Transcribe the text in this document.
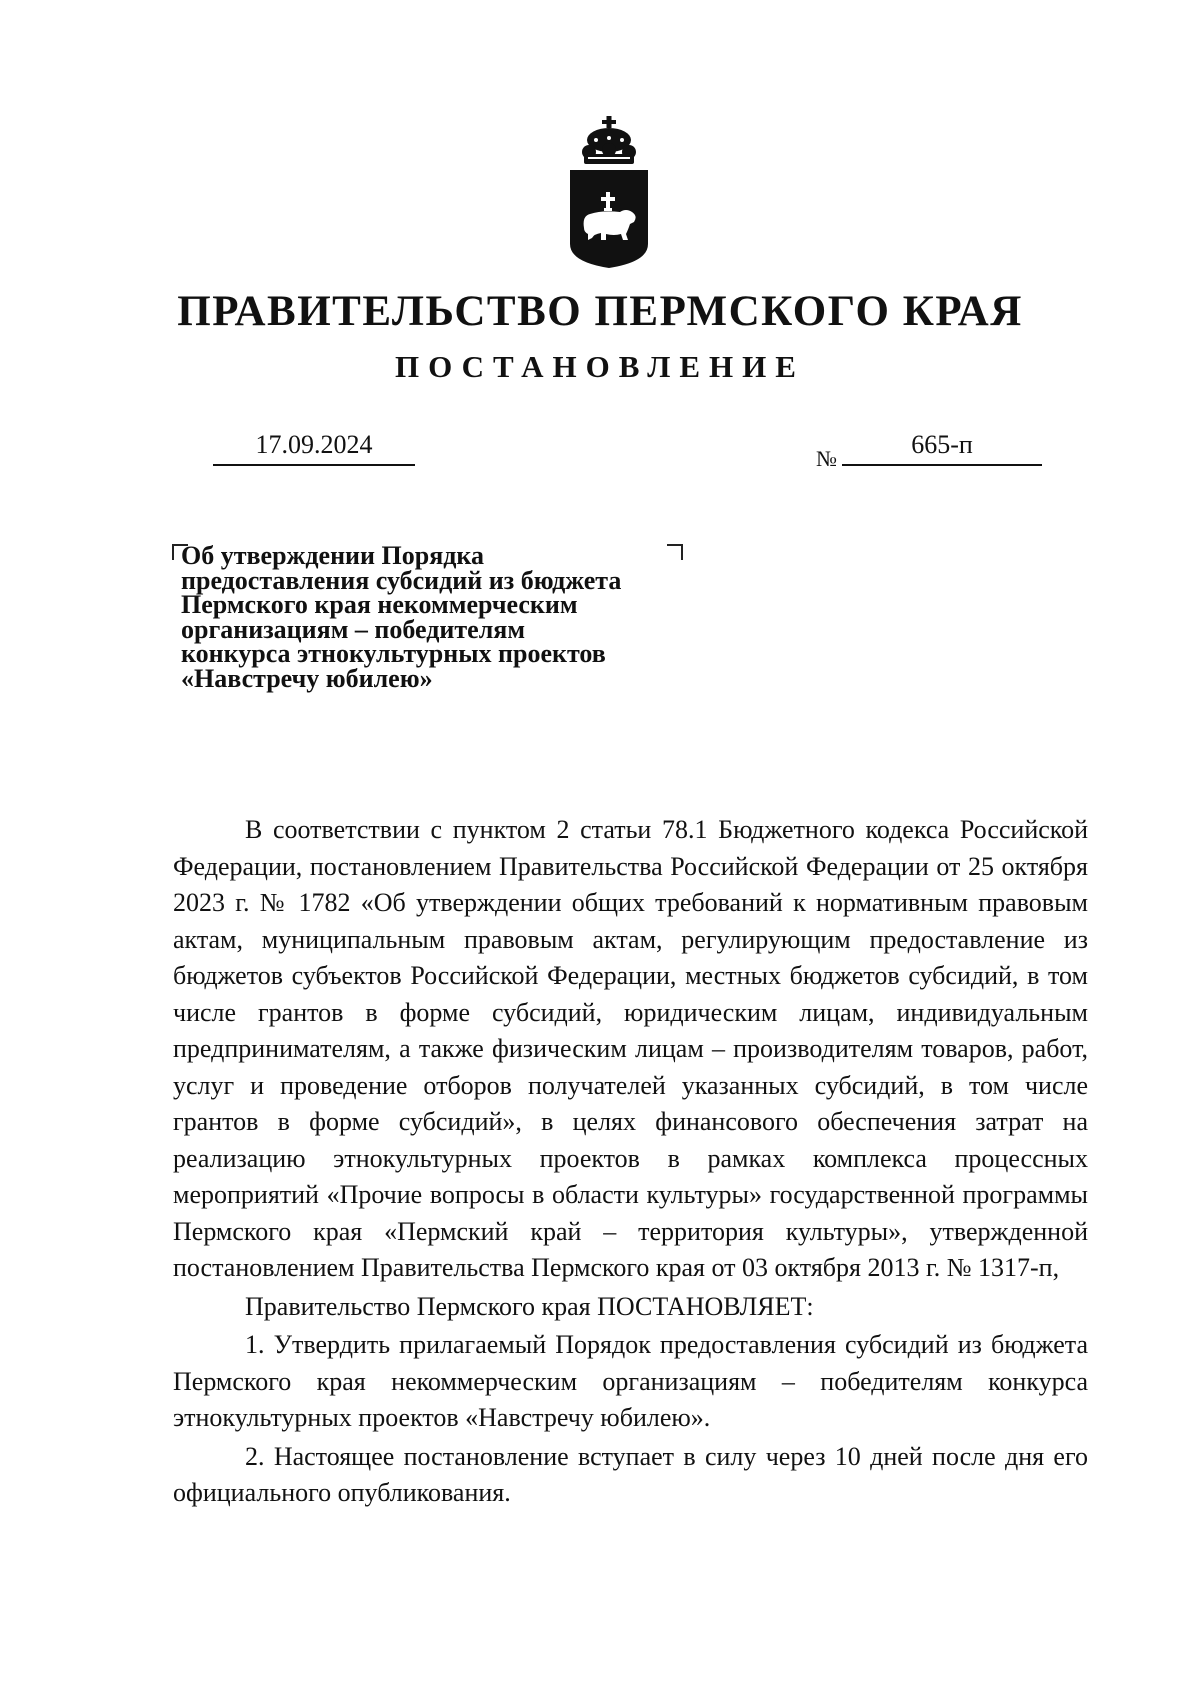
ПРАВИТЕЛЬСТВО ПЕРМСКОГО КРАЯ
ПОСТАНОВЛЕНИЕ
17.09.2024	№	665-п
Об утверждении Порядка
предоставления субсидий из бюджета
Пермского края некоммерческим
организациям – победителям
конкурса этнокультурных проектов
«Навстречу юбилею»

В соответствии с пунктом 2 статьи 78.1 Бюджетного кодекса Российской Федерации, постановлением Правительства Российской Федерации от 25 октября 2023 г. № 1782 «Об утверждении общих требований к нормативным правовым актам, муниципальным правовым актам, регулирующим предоставление из бюджетов субъектов Российской Федерации, местных бюджетов субсидий, в том числе грантов в форме субсидий, юридическим лицам, индивидуальным предпринимателям, а также физическим лицам – производителям товаров, работ, услуг и проведение отборов получателей указанных субсидий, в том числе грантов в форме субсидий», в целях финансового обеспечения затрат на реализацию этнокультурных проектов в рамках комплекса процессных мероприятий «Прочие вопросы в области культуры» государственной программы Пермского края «Пермский край – территория культуры», утвержденной постановлением Правительства Пермского края от 03 октября 2013 г. № 1317-п,

Правительство Пермского края ПОСТАНОВЛЯЕТ:

1. Утвердить прилагаемый Порядок предоставления субсидий из бюджета Пермского края некоммерческим организациям – победителям конкурса этнокультурных проектов «Навстречу юбилею».

2. Настоящее постановление вступает в силу через 10 дней после дня его официального опубликования.
